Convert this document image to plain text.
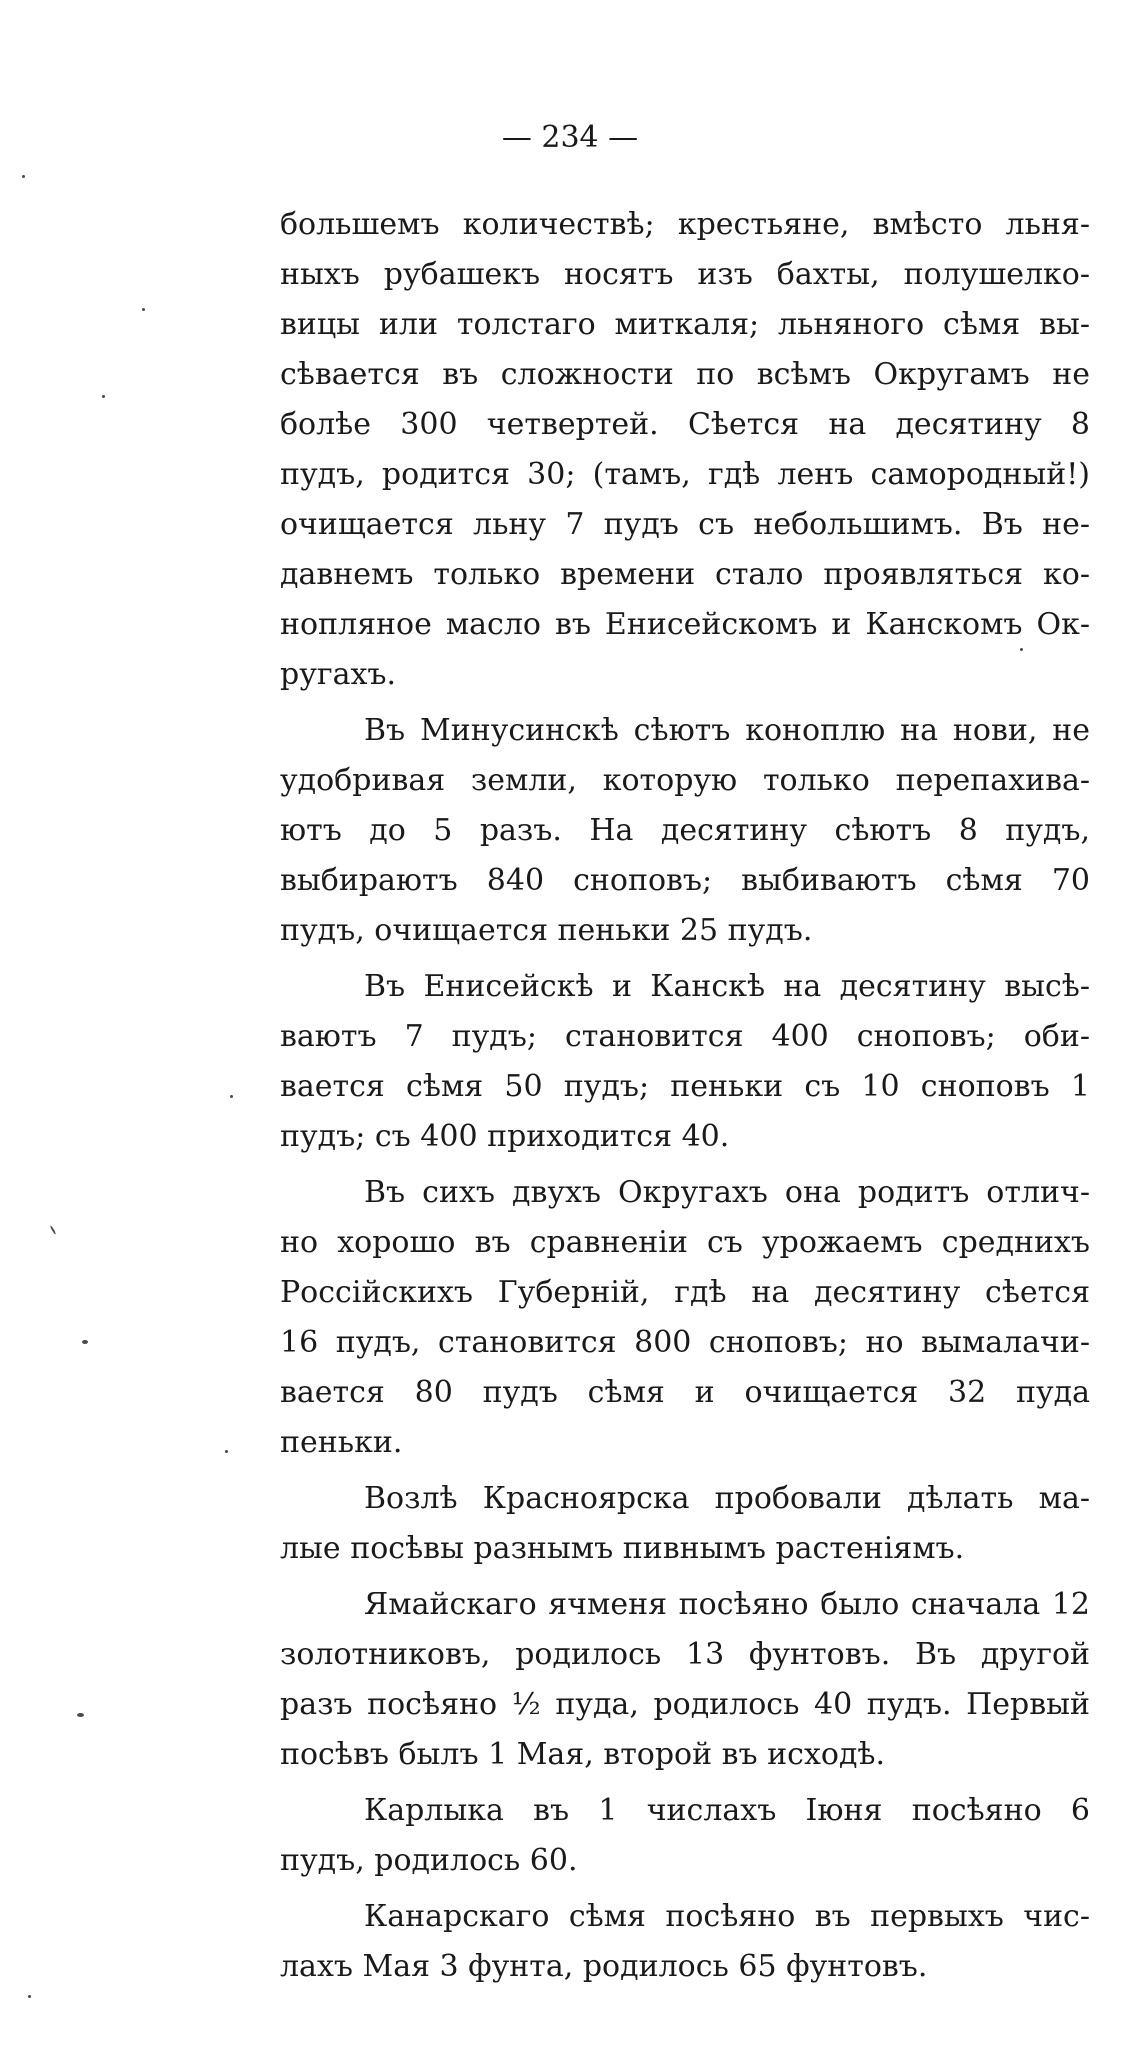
— 234 —
большемъ количествѣ; крестьяне, вмѣсто льня-
ныхъ рубашекъ носятъ изъ бахты, полушелко-
вицы или толстаго миткаля; льняного сѣмя вы-
сѣвается въ сложности по всѣмъ Округамъ не
болѣе 300 четвертей. Сѣется на десятину 8
пудъ, родится 30; (тамъ, гдѣ ленъ самородный!)
очищается льну 7 пудъ съ небольшимъ. Въ не-
давнемъ только времени стало проявляться ко-
нопляное масло въ Енисейскомъ и Канскомъ Ок-
ругахъ.
Въ Минусинскѣ сѣютъ коноплю на нови, не
удобривая земли, которую только перепахива-
ютъ до 5 разъ. На десятину сѣютъ 8 пудъ,
выбираютъ 840 сноповъ; выбиваютъ сѣмя 70
пудъ, очищается пеньки 25 пудъ.
Въ Енисейскѣ и Канскѣ на десятину высѣ-
ваютъ 7 пудъ; становится 400 сноповъ; оби-
вается сѣмя 50 пудъ; пеньки съ 10 сноповъ 1
пудъ; съ 400 приходится 40.
Въ сихъ двухъ Округахъ она родитъ отлич-
но хорошо въ сравненіи съ урожаемъ среднихъ
Россійскихъ Губерній, гдѣ на десятину сѣется
16 пудъ, становится 800 сноповъ; но вымалачи-
вается 80 пудъ сѣмя и очищается 32 пуда
пеньки.
Возлѣ Красноярска пробовали дѣлать ма-
лые посѣвы разнымъ пивнымъ растеніямъ.
Ямайскаго ячменя посѣяно было сначала 12
золотниковъ, родилось 13 фунтовъ. Въ другой
разъ посѣяно ½ пуда, родилось 40 пудъ. Первый
посѣвъ былъ 1 Мая, второй въ исходѣ.
Карлыка въ 1 числахъ Іюня посѣяно 6
пудъ, родилось 60.
Канарскаго сѣмя посѣяно въ первыхъ чис-
лахъ Мая 3 фунта, родилось 65 фунтовъ.
